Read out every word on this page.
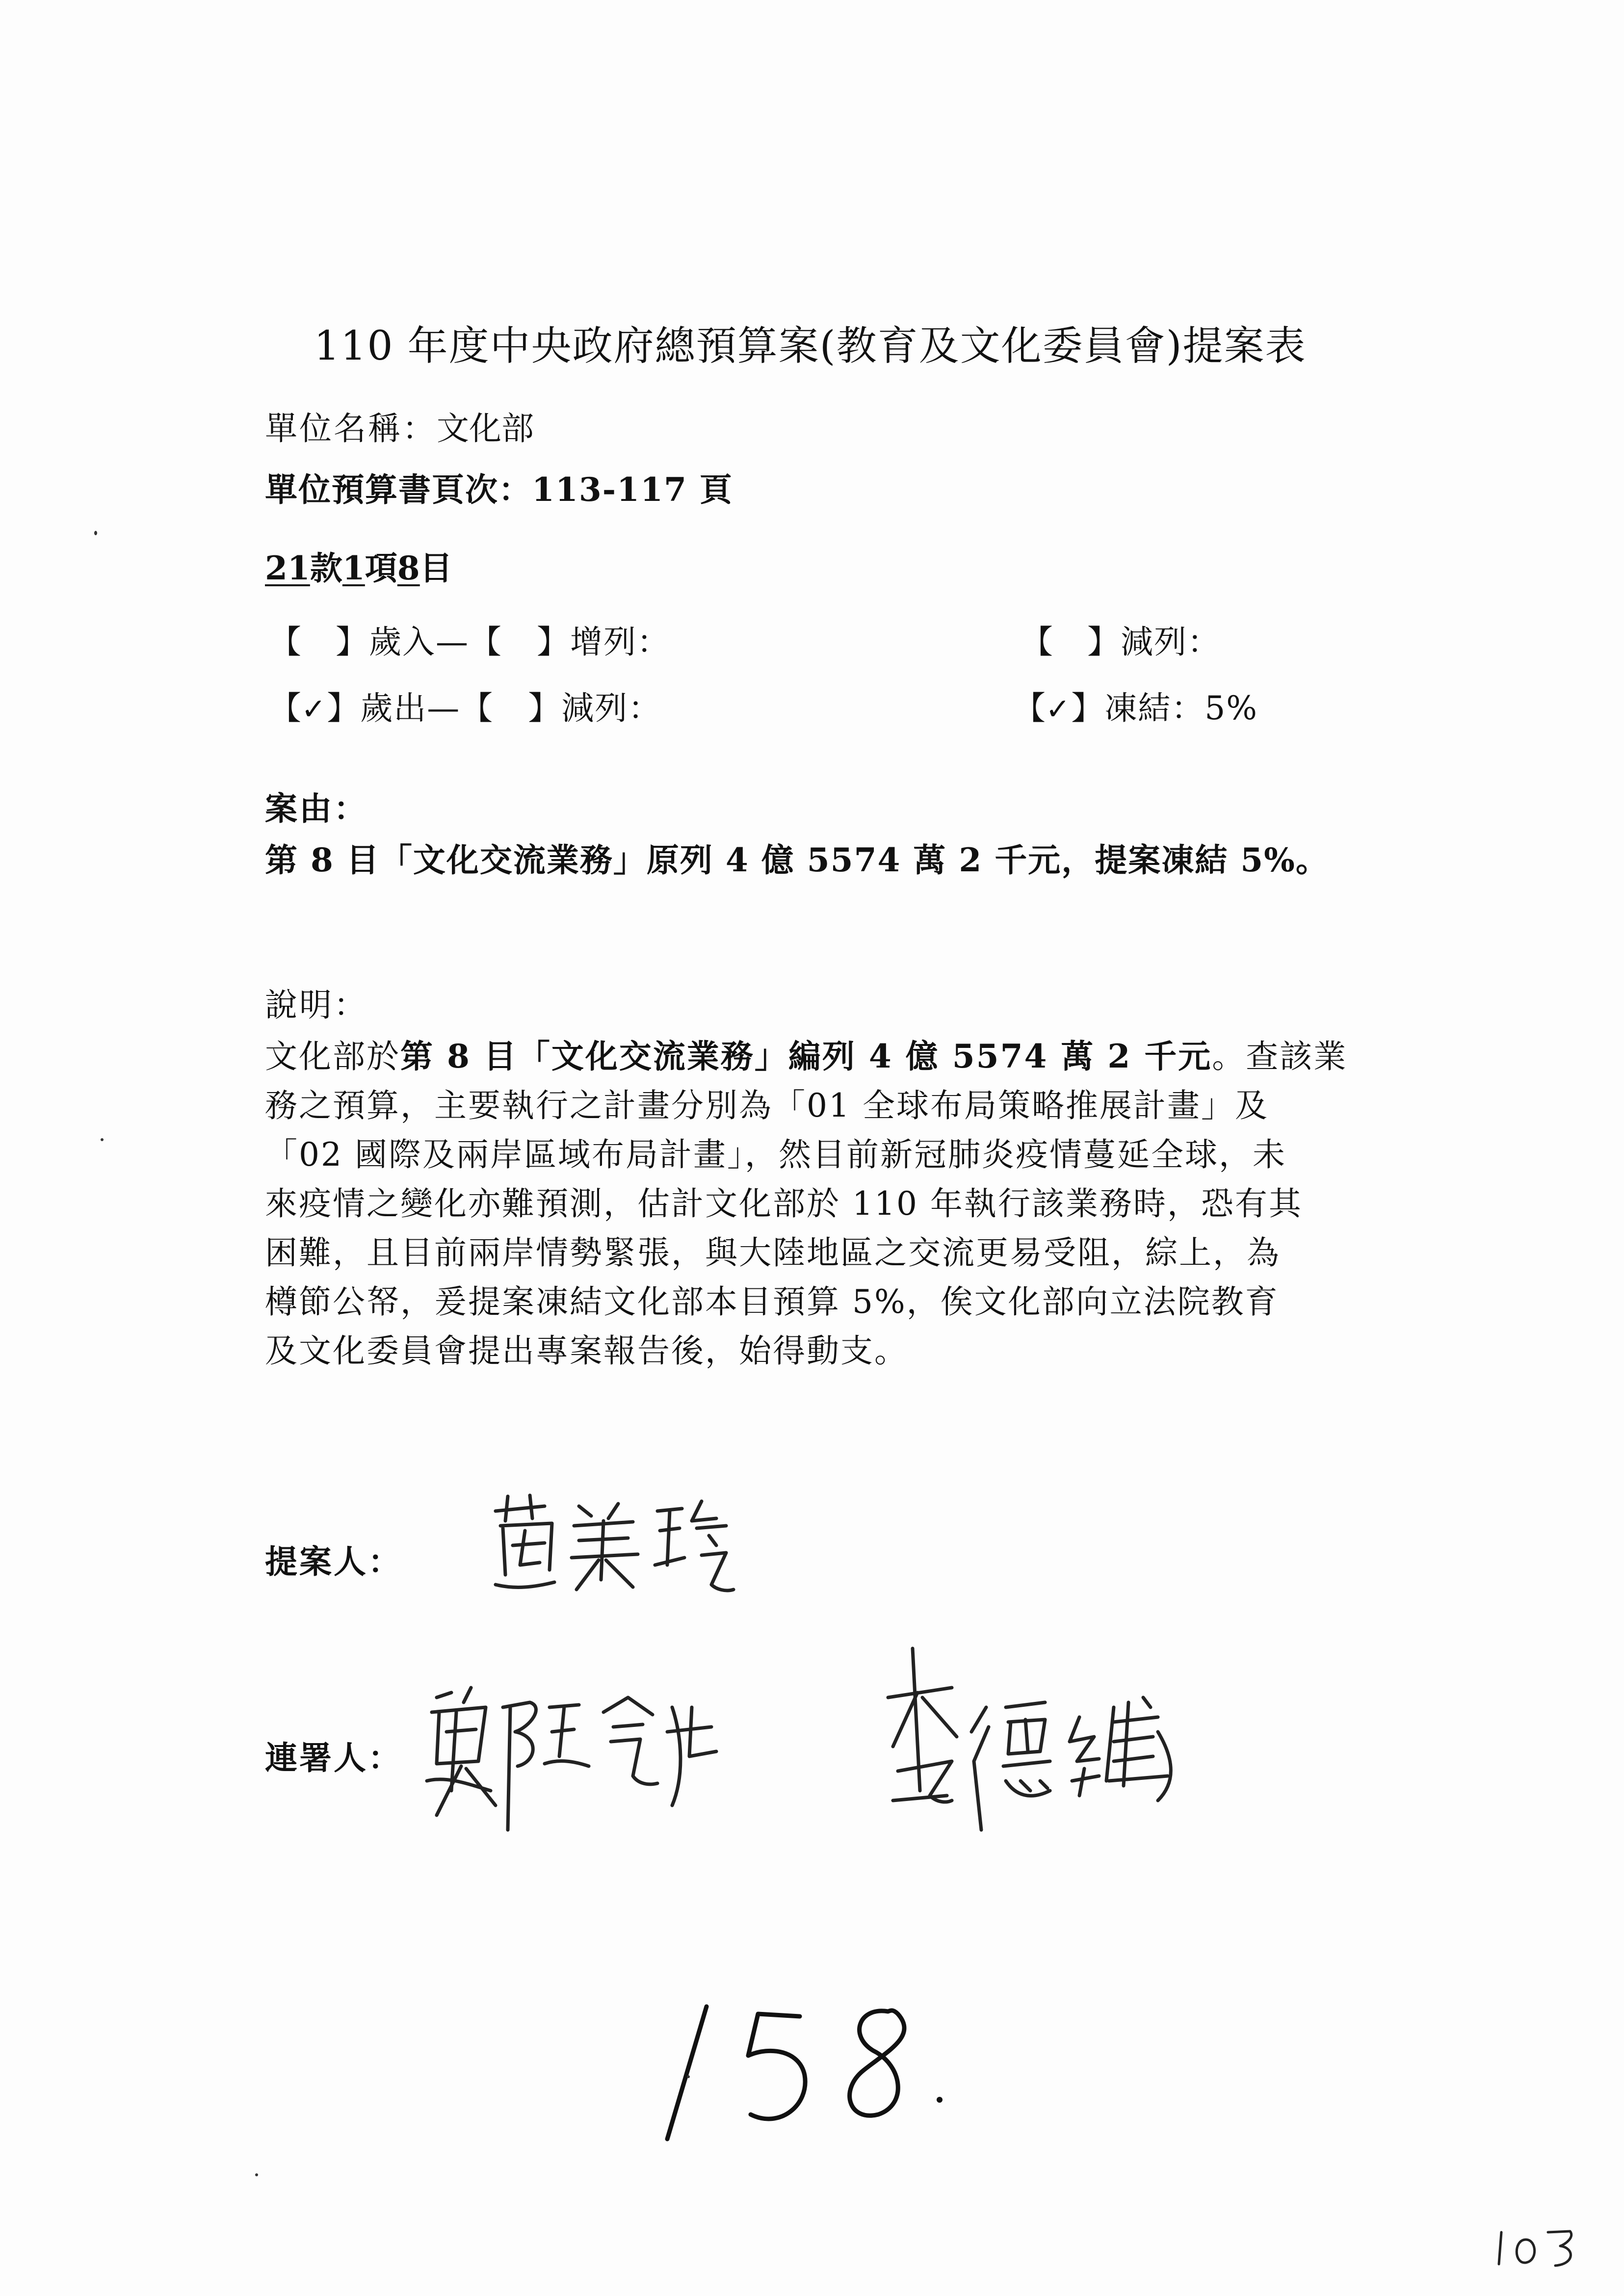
110 年度中央政府總預算案(教育及文化委員會)提案表
單位名稱：文化部
單位預算書頁次：113-117 頁
21款1項8目
【 】歲入—【 】增列：	【 】減列：
【✓】歲出—【 】減列：	【✓】凍結：5%
案由：
第 8 目「文化交流業務」原列 4 億 5574 萬 2 千元，提案凍結 5%。
說明：
文化部於第 8 目「文化交流業務」編列 4 億 5574 萬 2 千元。查該業
務之預算，主要執行之計畫分別為「01 全球布局策略推展計畫」及
「02 國際及兩岸區域布局計畫」，然目前新冠肺炎疫情蔓延全球，未
來疫情之變化亦難預測，估計文化部於 110 年執行該業務時，恐有其
困難，且目前兩岸情勢緊張，與大陸地區之交流更易受阻，綜上，為
樽節公帑，爰提案凍結文化部本目預算 5%，俟文化部向立法院教育
及文化委員會提出專案報告後，始得動支。
提案人：
連署人：
